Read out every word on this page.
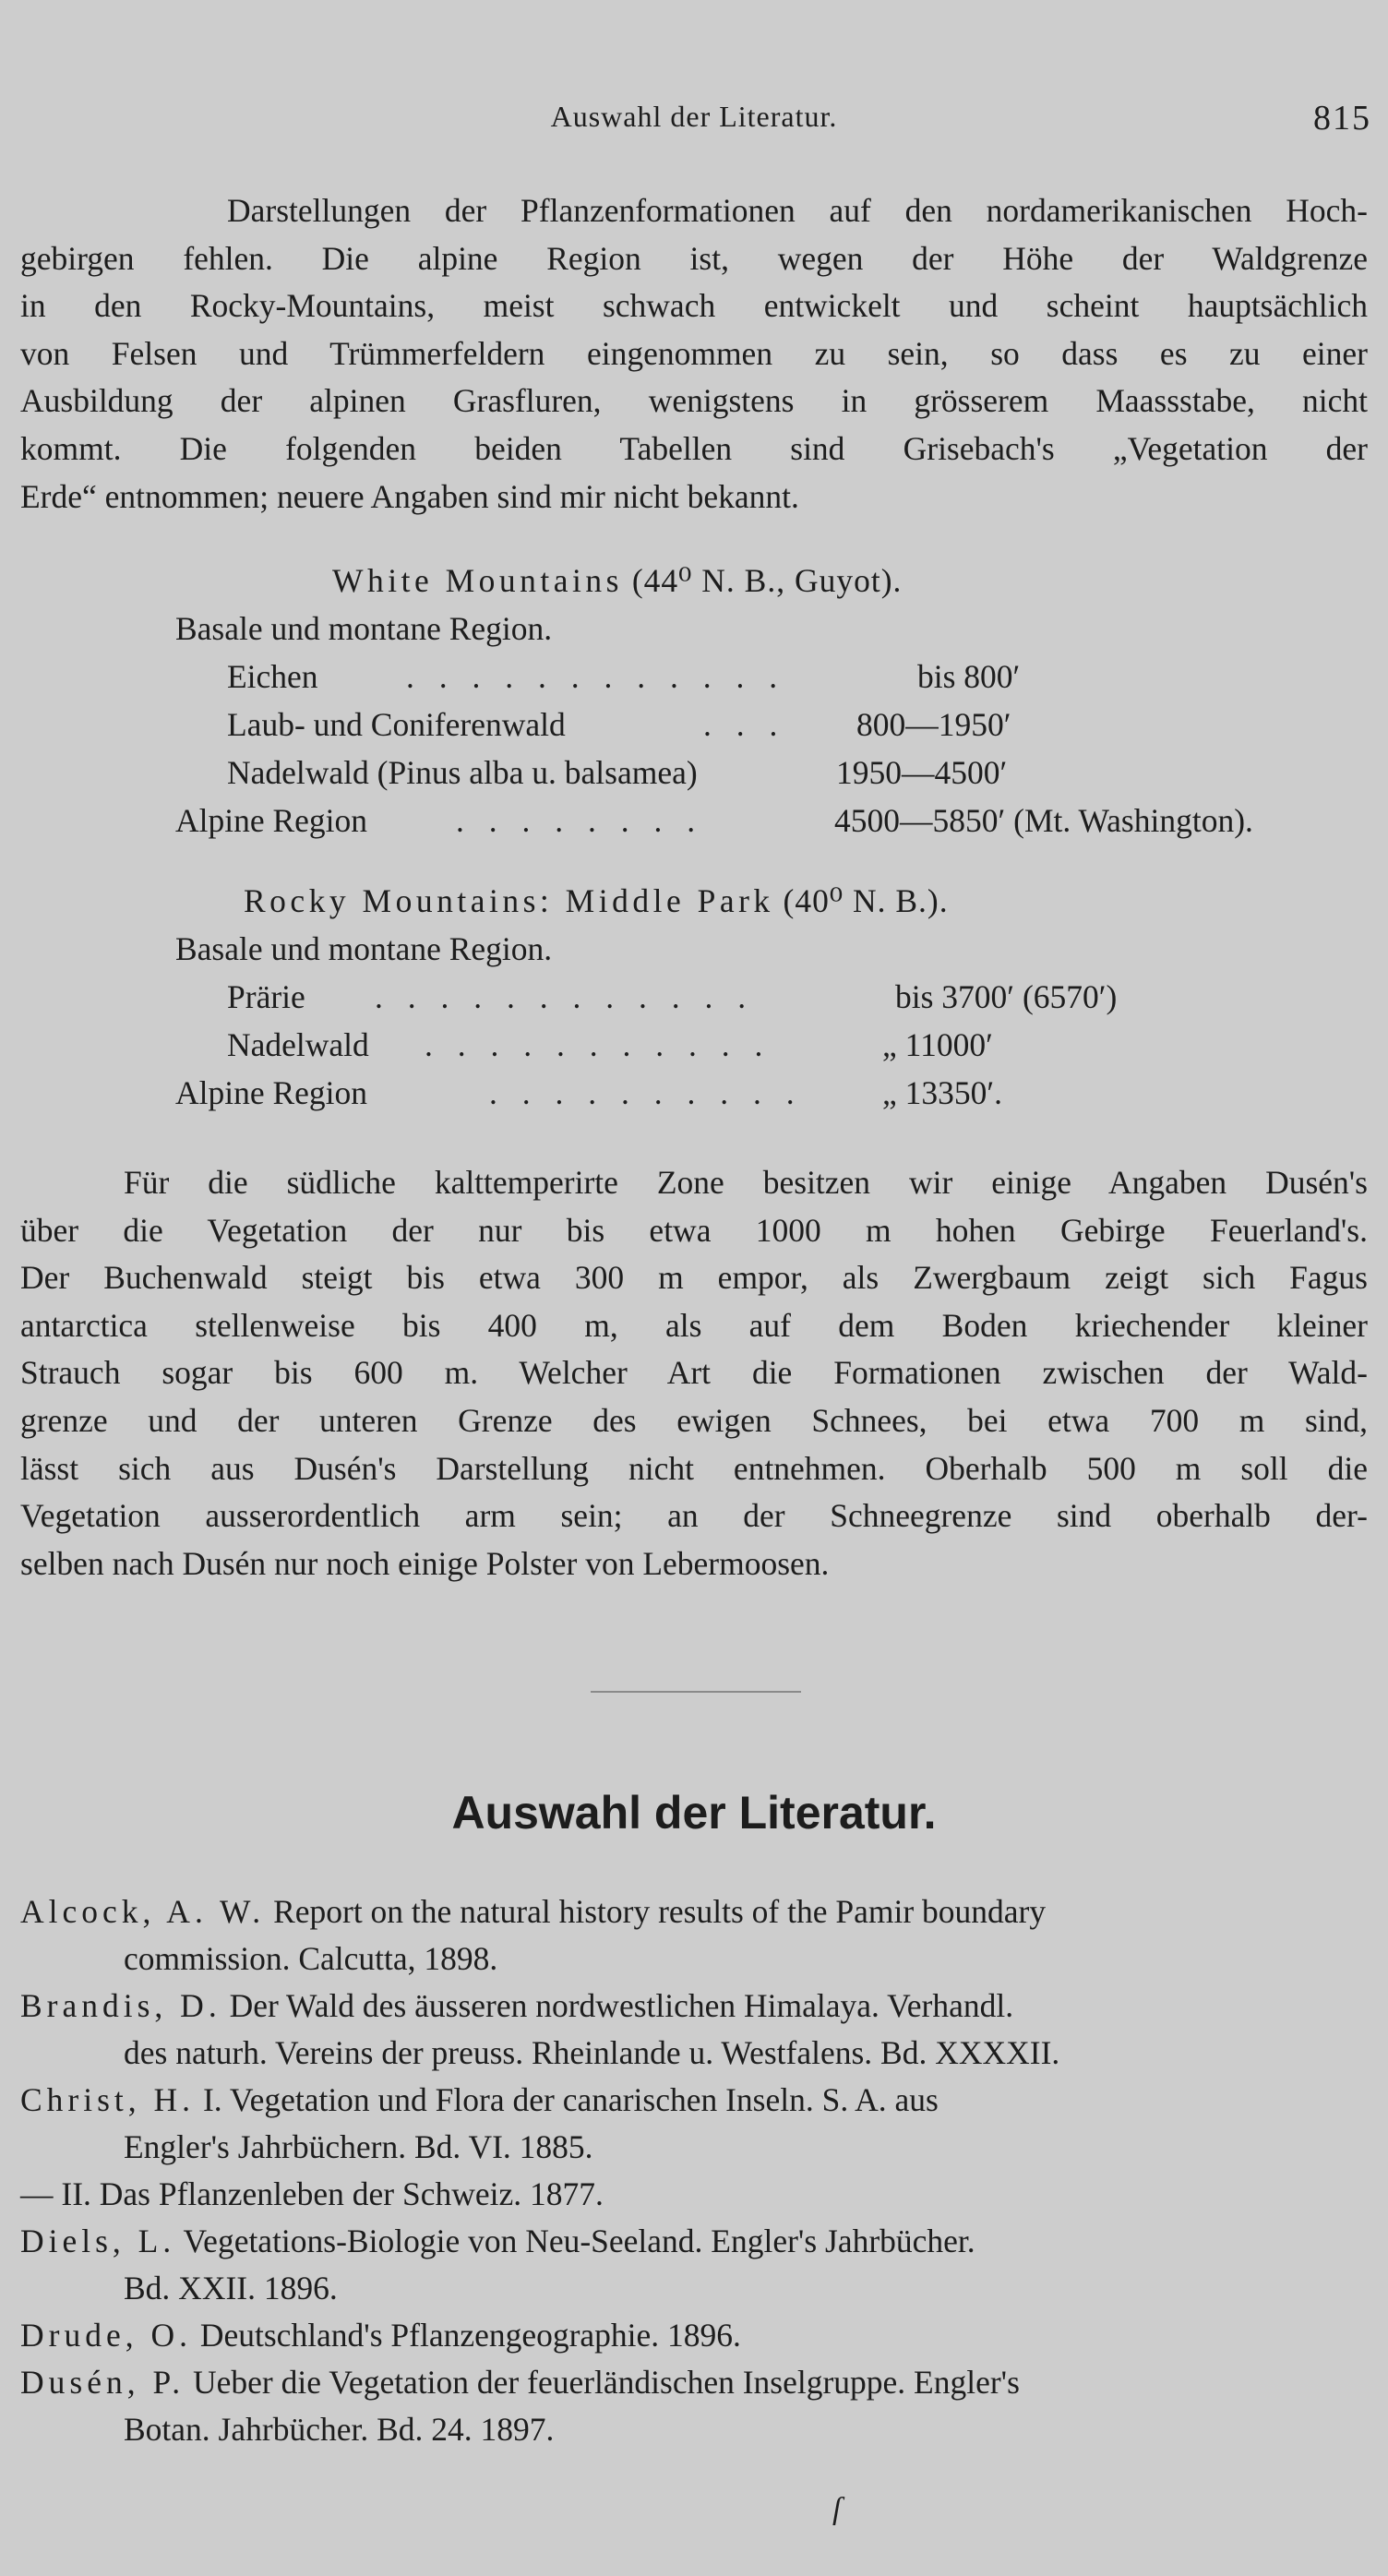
Auswahl der Literatur.	815
Darstellungen der Pflanzenformationen auf den nordamerikanischen Hoch-
gebirgen fehlen. Die alpine Region ist, wegen der Höhe der Waldgrenze
in den Rocky-Mountains, meist schwach entwickelt und scheint hauptsächlich
von Felsen und Trümmerfeldern eingenommen zu sein, so dass es zu einer
Ausbildung der alpinen Grasfluren, wenigstens in grösserem Maassstabe, nicht
kommt. Die folgenden beiden Tabellen sind Grisebach's „Vegetation der
Erde“ entnommen; neuere Angaben sind mir nicht bekannt.
White Mountains (44⁰ N. B., Guyot).
Basale und montane Region.
Eichen	. . . . . . . . . . . .	bis 800′
Laub- und Coniferenwald	. . . 800—1950′
Nadelwald (Pinus alba u. balsamea)	1950—4500′
Alpine Region	. . . . . . . .	4500—5850′ (Mt. Washington).
Rocky Mountains: Middle Park (40⁰ N. B.).
Basale und montane Region.
Prärie . . . . . . . . . . . .	bis 3700′ (6570′)
Nadelwald . . . . . . . . . . .	„ 11000′
Alpine Region	. . . . . . . . . . „ 13350′.
Für die südliche kalttemperirte Zone besitzen wir einige Angaben Dusén's
über die Vegetation der nur bis etwa 1000 m hohen Gebirge Feuerland's.
Der Buchenwald steigt bis etwa 300 m empor, als Zwergbaum zeigt sich Fagus
antarctica stellenweise bis 400 m, als auf dem Boden kriechender kleiner
Strauch sogar bis 600 m. Welcher Art die Formationen zwischen der Wald-
grenze und der unteren Grenze des ewigen Schnees, bei etwa 700 m sind,
lässt sich aus Dusén's Darstellung nicht entnehmen. Oberhalb 500 m soll die
Vegetation ausserordentlich arm sein; an der Schneegrenze sind oberhalb der-
selben nach Dusén nur noch einige Polster von Lebermoosen.
Auswahl der Literatur.
Alcock, A. W. Report on the natural history results of the Pamir boundary
commission. Calcutta, 1898.
Brandis, D. Der Wald des äusseren nordwestlichen Himalaya. Verhandl.
des naturh. Vereins der preuss. Rheinlande u. Westfalens. Bd. XXXXII.
Christ, H. I. Vegetation und Flora der canarischen Inseln. S. A. aus
Engler's Jahrbüchern. Bd. VI. 1885.
— II. Das Pflanzenleben der Schweiz. 1877.
Diels, L. Vegetations-Biologie von Neu-Seeland. Engler's Jahrbücher.
Bd. XXII. 1896.
Drude, O. Deutschland's Pflanzengeographie. 1896.
Dusén, P. Ueber die Vegetation der feuerländischen Inselgruppe. Engler's
Botan. Jahrbücher. Bd. 24. 1897.
ſ
